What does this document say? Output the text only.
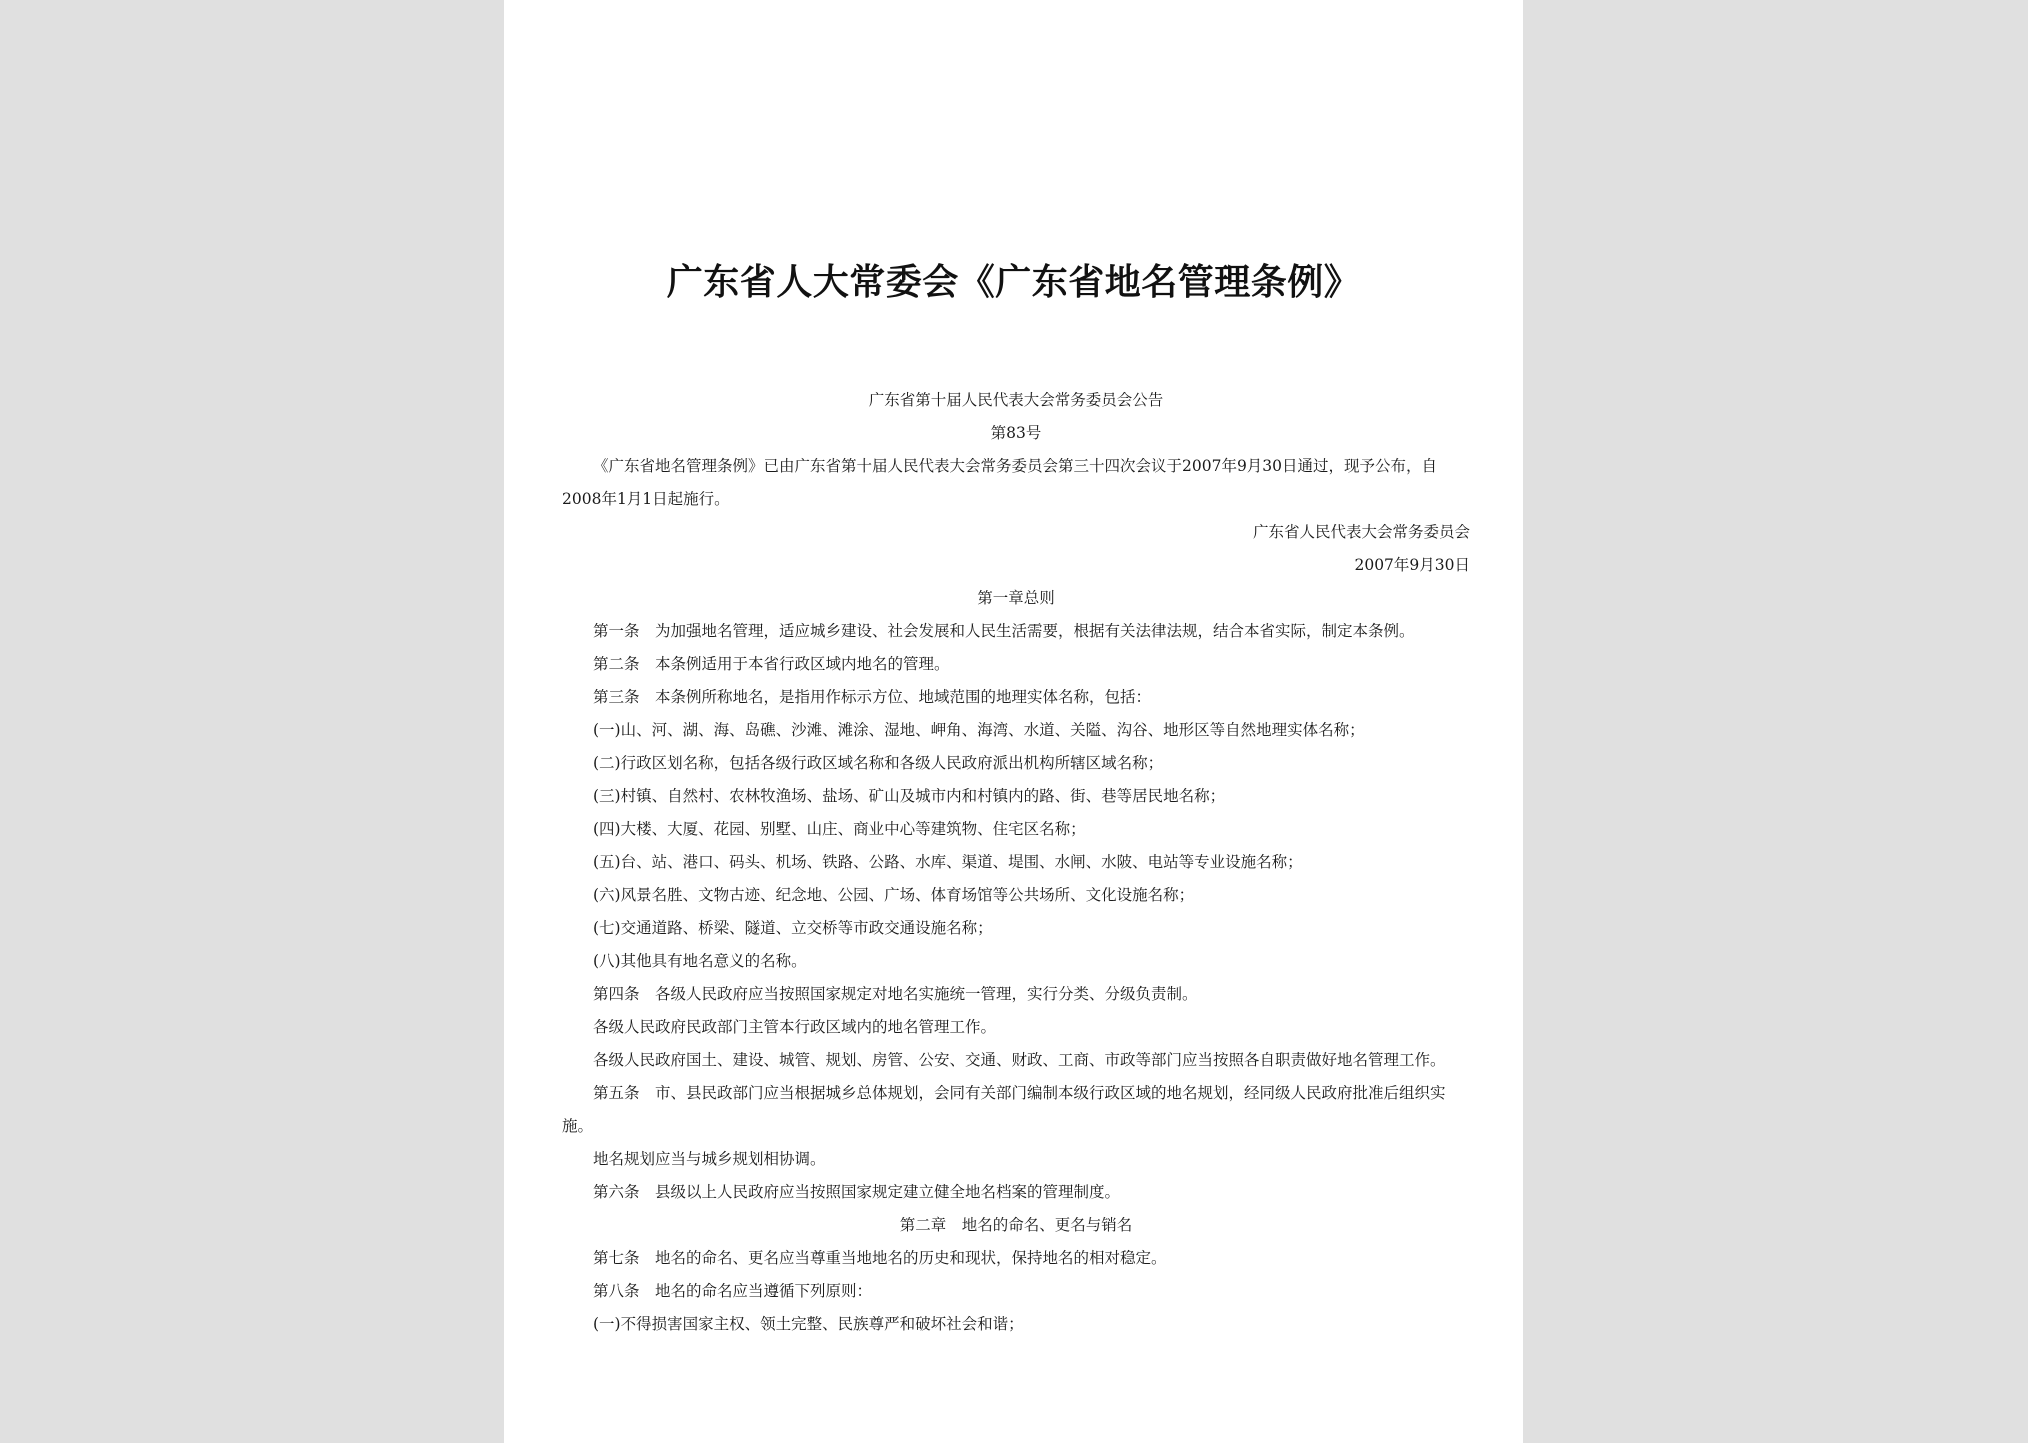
广东省人大常委会《广东省地名管理条例》

广东省第十届人民代表大会常务委员会公告

第83号

《广东省地名管理条例》已由广东省第十届人民代表大会常务委员会第三十四次会议于2007年9月30日通过，现予公布，自2008年1月1日起施行。

广东省人民代表大会常务委员会

2007年9月30日

第一章总则

第一条　为加强地名管理，适应城乡建设、社会发展和人民生活需要，根据有关法律法规，结合本省实际，制定本条例。

第二条　本条例适用于本省行政区域内地名的管理。

第三条　本条例所称地名，是指用作标示方位、地域范围的地理实体名称，包括：

(一)山、河、湖、海、岛礁、沙滩、滩涂、湿地、岬角、海湾、水道、关隘、沟谷、地形区等自然地理实体名称；

(二)行政区划名称，包括各级行政区域名称和各级人民政府派出机构所辖区域名称；

(三)村镇、自然村、农林牧渔场、盐场、矿山及城市内和村镇内的路、街、巷等居民地名称；

(四)大楼、大厦、花园、别墅、山庄、商业中心等建筑物、住宅区名称；

(五)台、站、港口、码头、机场、铁路、公路、水库、渠道、堤围、水闸、水陂、电站等专业设施名称；

(六)风景名胜、文物古迹、纪念地、公园、广场、体育场馆等公共场所、文化设施名称；

(七)交通道路、桥梁、隧道、立交桥等市政交通设施名称；

(八)其他具有地名意义的名称。

第四条　各级人民政府应当按照国家规定对地名实施统一管理，实行分类、分级负责制。

各级人民政府民政部门主管本行政区域内的地名管理工作。

各级人民政府国土、建设、城管、规划、房管、公安、交通、财政、工商、市政等部门应当按照各自职责做好地名管理工作。

第五条　市、县民政部门应当根据城乡总体规划，会同有关部门编制本级行政区域的地名规划，经同级人民政府批准后组织实施。

地名规划应当与城乡规划相协调。

第六条　县级以上人民政府应当按照国家规定建立健全地名档案的管理制度。

第二章　地名的命名、更名与销名

第七条　地名的命名、更名应当尊重当地地名的历史和现状，保持地名的相对稳定。

第八条　地名的命名应当遵循下列原则：

(一)不得损害国家主权、领土完整、民族尊严和破坏社会和谐；
